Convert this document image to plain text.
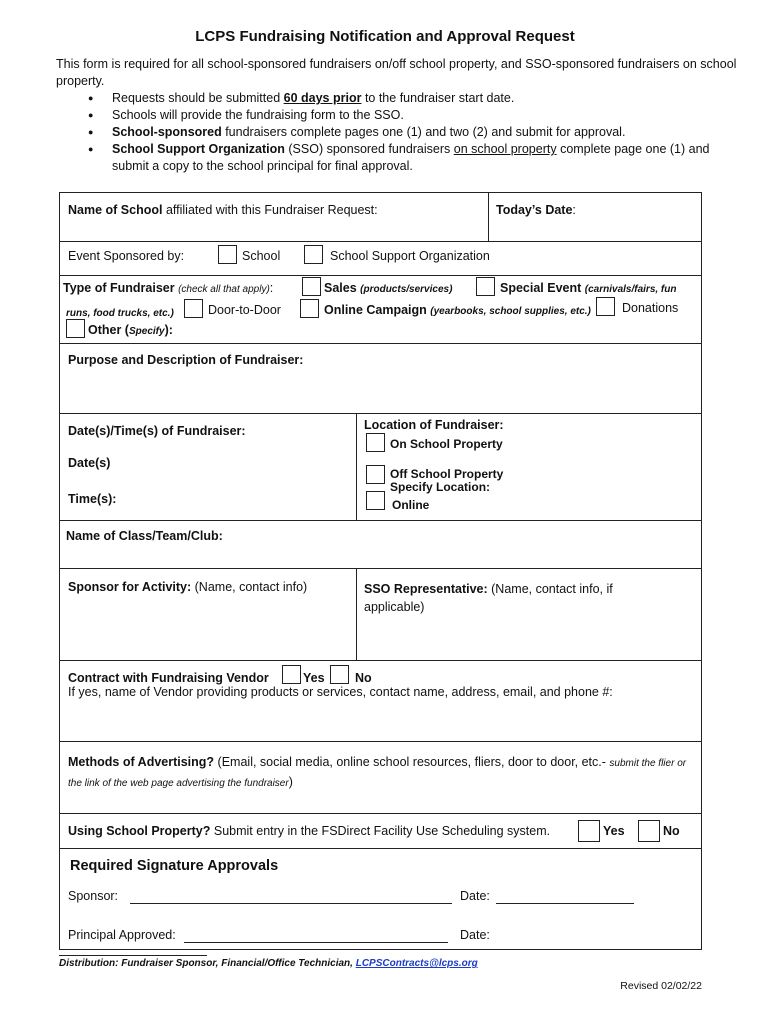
LCPS Fundraising Notification and Approval Request
This form is required for all school-sponsored fundraisers on/off school property, and SSO-sponsored fundraisers on school property.
● Requests should be submitted 60 days prior to the fundraiser start date.
● Schools will provide the fundraising form to the SSO.
● School-sponsored fundraisers complete pages one (1) and two (2) and submit for approval.
● School Support Organization (SSO) sponsored fundraisers on school property complete page one (1) and submit a copy to the school principal for final approval.
Name of School affiliated with this Fundraiser Request:	Today’s Date:
Event Sponsored by:	School	School Support Organization
Type of Fundraiser (check all that apply):	Sales (products/services)	Special Event (carnivals/fairs, fun
runs, food trucks, etc.)	Door-to-Door	Online Campaign (yearbooks, school supplies, etc.) Donations
Other (Specify):
Purpose and Description of Fundraiser:
Date(s)/Time(s) of Fundraiser:
Date(s)
Time(s):
Location of Fundraiser:
On School Property
Off School Property
Specify Location:
Online
Name of Class/Team/Club:
Sponsor for Activity: (Name, contact info)	SSO Representative: (Name, contact info, if applicable)
Contract with Fundraising Vendor	Yes No
If yes, name of Vendor providing products or services, contact name, address, email, and phone #:
Methods of Advertising? (Email, social media, online school resources, fliers, door to door, etc.- submit the flier or the link of the web page advertising the fundraiser)
Using School Property? Submit entry in the FSDirect Facility Use Scheduling system.	Yes	No
Required Signature Approvals
Sponsor:	Date:
Principal Approved:	Date:
Distribution: Fundraiser Sponsor, Financial/Office Technician, LCPSContracts@lcps.org
Revised 02/02/22
